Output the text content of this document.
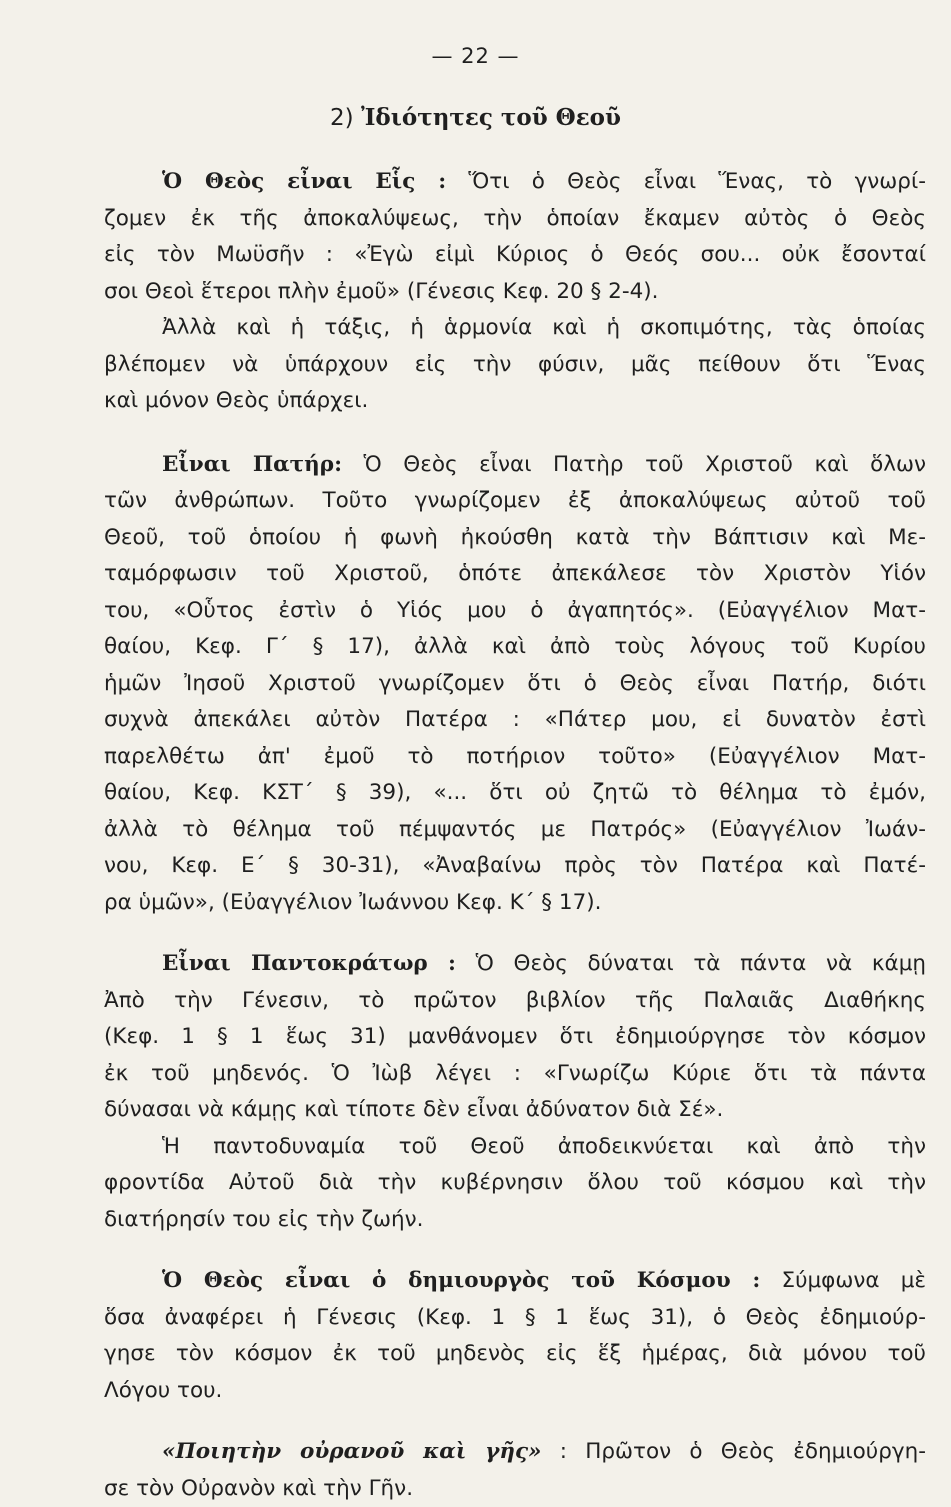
— 22 —
2) Ἰδιότητες τοῦ Θεοῦ
Ὁ Θεὸς εἶναι Εἷς : Ὅτι ὁ Θεὸς εἶναι Ἕνας, τὸ γνωρί-
ζομεν ἐκ τῆς ἀποκαλύψεως, τὴν ὁποίαν ἔκαμεν αὐτὸς ὁ Θεὸς
εἰς τὸν Μωϋσῆν : «Ἐγὼ εἰμὶ Κύριος ὁ Θεός σου... οὐκ ἔσονταί
σοι Θεοὶ ἕτεροι πλὴν ἐμοῦ» (Γένεσις Κεφ. 20 § 2-4).
Ἀλλὰ καὶ ἡ τάξις, ἡ ἁρμονία καὶ ἡ σκοπιμότης, τὰς ὁποίας
βλέπομεν νὰ ὑπάρχουν εἰς τὴν φύσιν, μᾶς πείθουν ὅτι Ἕνας
καὶ μόνον Θεὸς ὑπάρχει.
Εἶναι Πατήρ: Ὁ Θεὸς εἶναι Πατὴρ τοῦ Χριστοῦ καὶ ὅλων
τῶν ἀνθρώπων. Τοῦτο γνωρίζομεν ἐξ ἀποκαλύψεως αὐτοῦ τοῦ
Θεοῦ, τοῦ ὁποίου ἡ φωνὴ ἠκούσθη κατὰ τὴν Βάπτισιν καὶ Με-
ταμόρφωσιν τοῦ Χριστοῦ, ὁπότε ἀπεκάλεσε τὸν Χριστὸν Υἱόν
του, «Οὗτος ἐστὶν ὁ Υἱός μου ὁ ἀγαπητός». (Εὐαγγέλιον Ματ-
θαίου, Κεφ. Γ΄ § 17), ἀλλὰ καὶ ἀπὸ τοὺς λόγους τοῦ Κυρίου
ἡμῶν Ἰησοῦ Χριστοῦ γνωρίζομεν ὅτι ὁ Θεὸς εἶναι Πατήρ, διότι
συχνὰ ἀπεκάλει αὐτὸν Πατέρα : «Πάτερ μου, εἰ δυνατὸν ἐστὶ
παρελθέτω ἀπ' ἐμοῦ τὸ ποτήριον τοῦτο» (Εὐαγγέλιον Ματ-
θαίου, Κεφ. ΚΣΤ΄ § 39), «... ὅτι οὐ ζητῶ τὸ θέλημα τὸ ἐμόν,
ἀλλὰ τὸ θέλημα τοῦ πέμψαντός με Πατρός» (Εὐαγγέλιον Ἰωάν-
νου, Κεφ. Ε΄ § 30-31), «Ἀναβαίνω πρὸς τὸν Πατέρα καὶ Πατέ-
ρα ὑμῶν», (Εὐαγγέλιον Ἰωάννου Κεφ. Κ΄ § 17).
Εἶναι Παντοκράτωρ : Ὁ Θεὸς δύναται τὰ πάντα νὰ κάμῃ
Ἀπὸ τὴν Γένεσιν, τὸ πρῶτον βιβλίον τῆς Παλαιᾶς Διαθήκης
(Κεφ. 1 § 1 ἕως 31) μανθάνομεν ὅτι ἐδημιούργησε τὸν κόσμον
ἐκ τοῦ μηδενός. Ὁ Ἰὼβ λέγει : «Γνωρίζω Κύριε ὅτι τὰ πάντα
δύνασαι νὰ κάμῃς καὶ τίποτε δὲν εἶναι ἀδύνατον διὰ Σέ».
Ἡ παντοδυναμία τοῦ Θεοῦ ἀποδεικνύεται καὶ ἀπὸ τὴν
φροντίδα Αὐτοῦ διὰ τὴν κυβέρνησιν ὅλου τοῦ κόσμου καὶ τὴν
διατήρησίν του εἰς τὴν ζωήν.
Ὁ Θεὸς εἶναι ὁ δημιουργὸς τοῦ Κόσμου : Σύμφωνα μὲ
ὅσα ἀναφέρει ἡ Γένεσις (Κεφ. 1 § 1 ἕως 31), ὁ Θεὸς ἐδημιούρ-
γησε τὸν κόσμον ἐκ τοῦ μηδενὸς εἰς ἕξ ἡμέρας, διὰ μόνου τοῦ
Λόγου του.
«Ποιητὴν οὐρανοῦ καὶ γῆς» : Πρῶτον ὁ Θεὸς ἐδημιούργη-
σε τὸν Οὐρανὸν καὶ τὴν Γῆν.
